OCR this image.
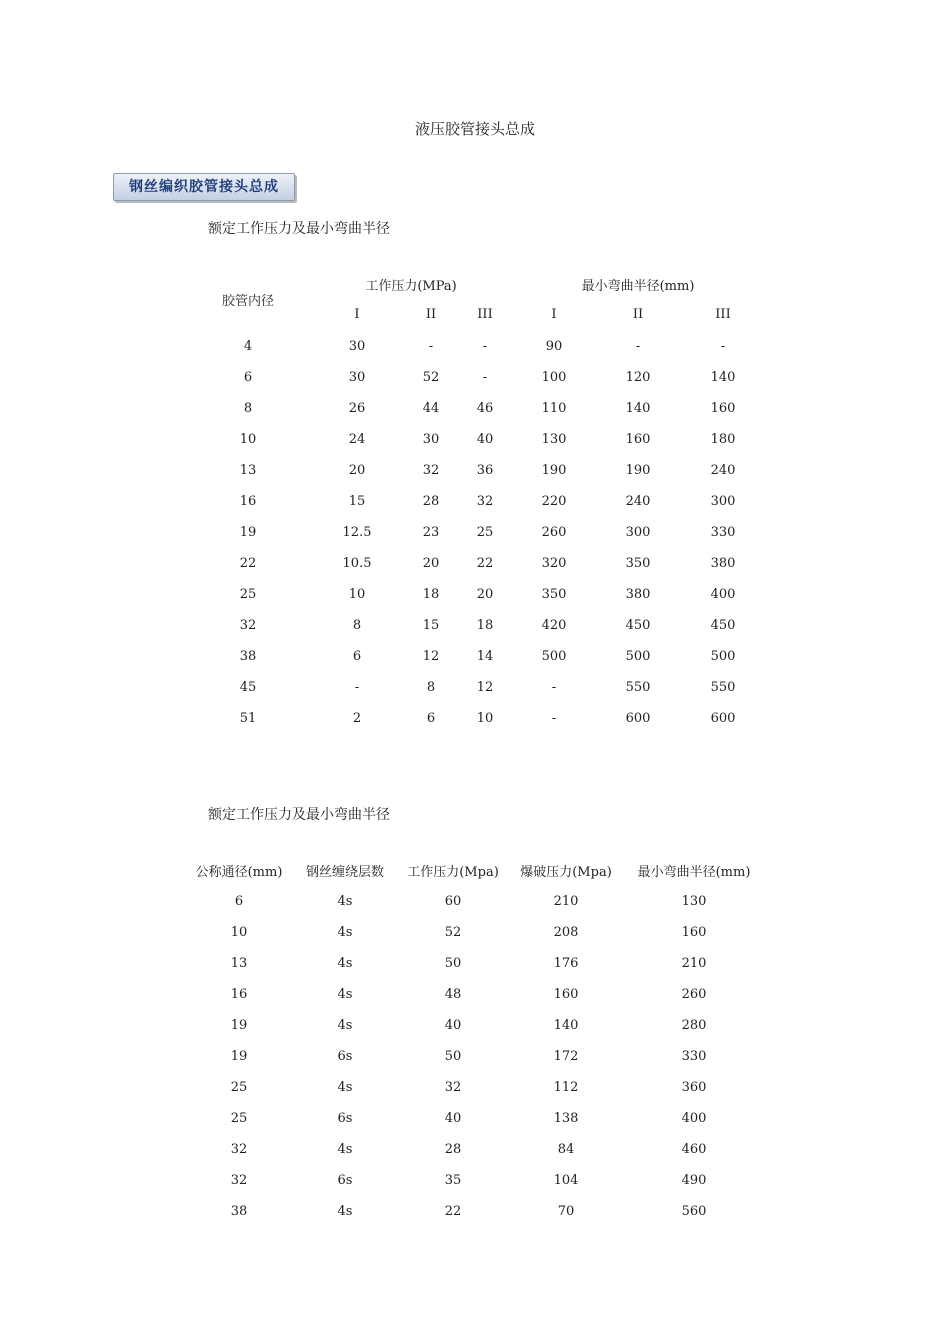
液压胶管接头总成
钢丝编织胶管接头总成
额定工作压力及最小弯曲半径
胶管内径
工作压力(MPa)	最小弯曲半径(mm)
I	II	III	I	II	III
4	30	-	-	90	-	-
6	30	52	-	100	120	140
8	26	44	46	110	140	160
10	24	30	40	130	160	180
13	20	32	36	190	190	240
16	15	28	32	220	240	300
19	12.5	23	25	260	300	330
22	10.5	20	22	320	350	380
25	10	18	20	350	380	400
32	8	15	18	420	450	450
38	6	12	14	500	500	500
45	-	8	12	-	550	550
51	2	6	10	-	600	600
额定工作压力及最小弯曲半径
公称通径(mm) 钢丝缠绕层数 工作压力(Mpa) 爆破压力(Mpa) 最小弯曲半径(mm)
6	4s	60	210	130
10	4s	52	208	160
13	4s	50	176	210
16	4s	48	160	260
19	4s	40	140	280
19	6s	50	172	330
25	4s	32	112	360
25	6s	40	138	400
32	4s	28	84	460
32	6s	35	104	490
38	4s	22	70	560
